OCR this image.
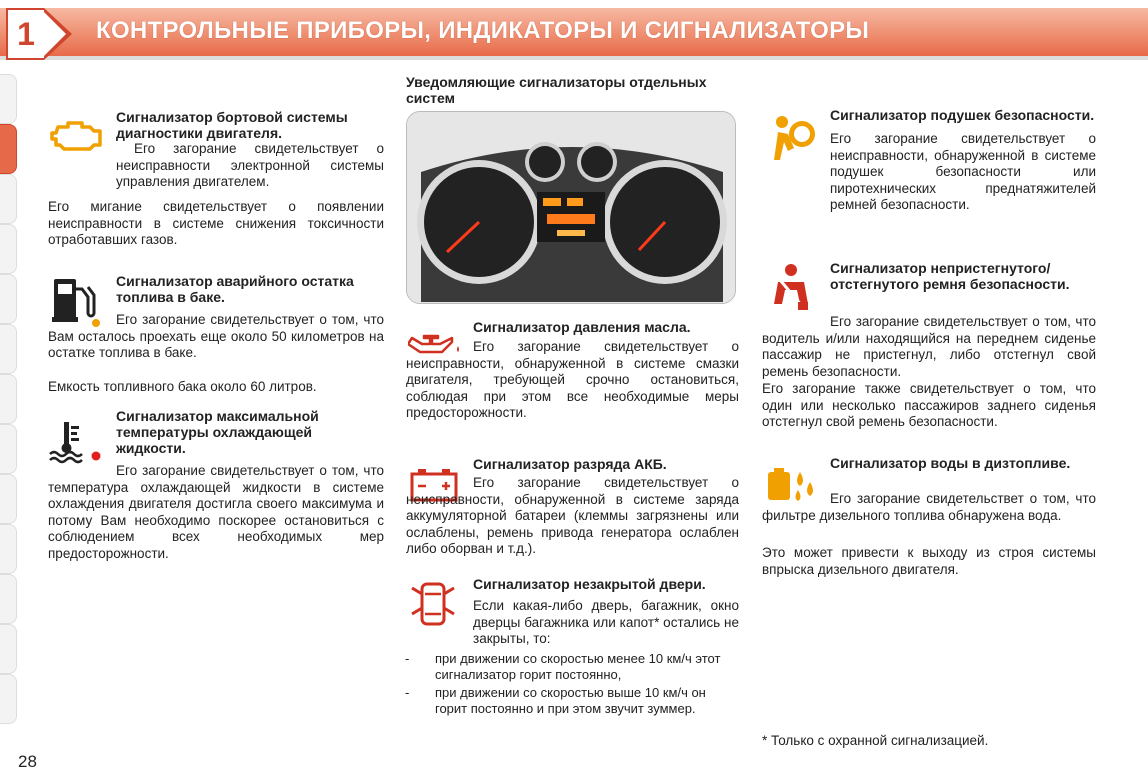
1	КОНТРОЛЬНЫЕ ПРИБОРЫ, ИНДИКАТОРЫ И СИГНАЛИЗАТОРЫ
Сигнализатор бортовой системы диагностики двигателя.
Его загорание свидетельствует о неисправности электронной системы управления двигателем.
Его мигание свидетельствует о появлении неисправности в системе снижения токсичности отработавших газов.
Сигнализатор аварийного остатка топлива в баке.
Его загорание свидетельствует о том, что Вам осталось проехать еще около 50 километров на остатке топлива в баке.
Емкость топливного бака около 60 литров.
Сигнализатор максимальной температуры охлаждающей жидкости.
Его загорание свидетельствует о том, что температура охлаждающей жидкости в системе охлаждения двигателя достигла своего максимума и потому Вам необходимо поскорее остановиться с соблюдением всех необходимых мер предосторожности.
Уведомляющие сигнализаторы отдельных систем
Сигнализатор давления масла.
Его загорание свидетельствует о неисправности, обнаруженной в системе смазки двигателя, требующей срочно остановиться, соблюдая при этом все необходимые меры предосторожности.
Сигнализатор разряда АКБ.
Его загорание свидетельствует о неисправности, обнаруженной в системе заряда аккумуляторной батареи (клеммы загрязнены или ослаблены, ремень привода генератора ослаблен либо оборван и т.д.).
Сигнализатор незакрытой двери.
Если какая-либо дверь, багажник, окно дверцы багажника или капот* остались не закрыты, то:
- при движении со скоростью менее 10 км/ч этот сигнализатор горит постоянно,
- при движении со скоростью выше 10 км/ч он горит постоянно и при этом звучит зуммер.
Сигнализатор подушек безопасности.
Его загорание свидетельствует о неисправности, обнаруженной в системе подушек безопасности или пиротехнических преднатяжителей ремней безопасности.
Сигнализатор непристегнутого/ отстегнутого ремня безопасности.
Его загорание свидетельствует о том, что водитель и/или находящийся на переднем сиденье пассажир не пристегнул, либо отстегнул свой ремень безопасности.
Его загорание также свидетельствует о том, что один или несколько пассажиров заднего сиденья отстегнул свой ремень безопасности.
Сигнализатор воды в дизтопливе.
Его загорание свидетельствет о том, что фильтре дизельного топлива обнаружена вода.
Это может привести к выходу из строя системы впрыска дизельного двигателя.
* Только с охранной сигнализацией.
28
